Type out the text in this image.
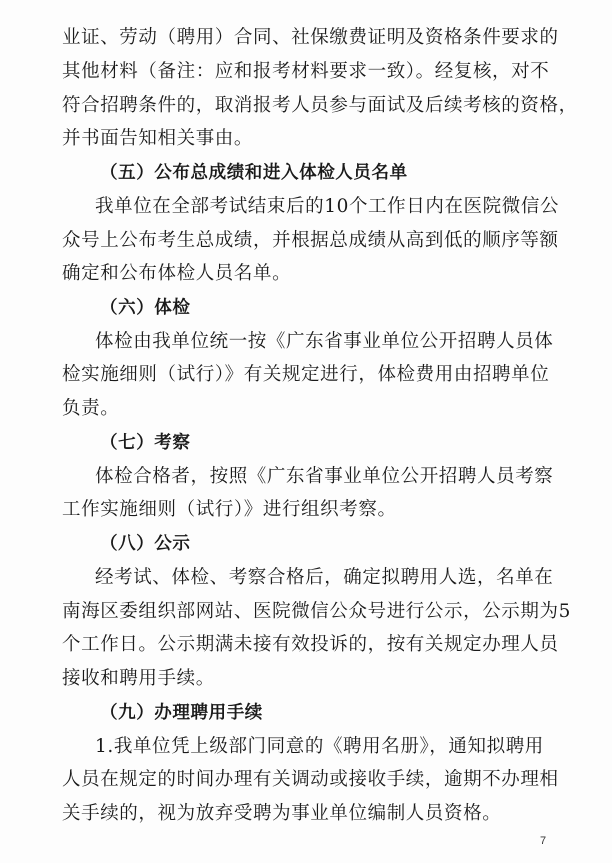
业证、劳动（聘用）合同、社保缴费证明及资格条件要求的
其他材料（备注：应和报考材料要求一致）。经复核，对不
符合招聘条件的，取消报考人员参与面试及后续考核的资格，
并书面告知相关事由。
（五）公布总成绩和进入体检人员名单
我单位在全部考试结束后的10个工作日内在医院微信公
众号上公布考生总成绩，并根据总成绩从高到低的顺序等额
确定和公布体检人员名单。
（六）体检
体检由我单位统一按《广东省事业单位公开招聘人员体
检实施细则（试行）》有关规定进行，体检费用由招聘单位
负责。
（七）考察
体检合格者，按照《广东省事业单位公开招聘人员考察
工作实施细则（试行）》进行组织考察。
（八）公示
经考试、体检、考察合格后，确定拟聘用人选，名单在
南海区委组织部网站、医院微信公众号进行公示，公示期为5
个工作日。公示期满未接有效投诉的，按有关规定办理人员
接收和聘用手续。
（九）办理聘用手续
1.我单位凭上级部门同意的《聘用名册》，通知拟聘用
人员在规定的时间办理有关调动或接收手续，逾期不办理相
关手续的，视为放弃受聘为事业单位编制人员资格。
7
